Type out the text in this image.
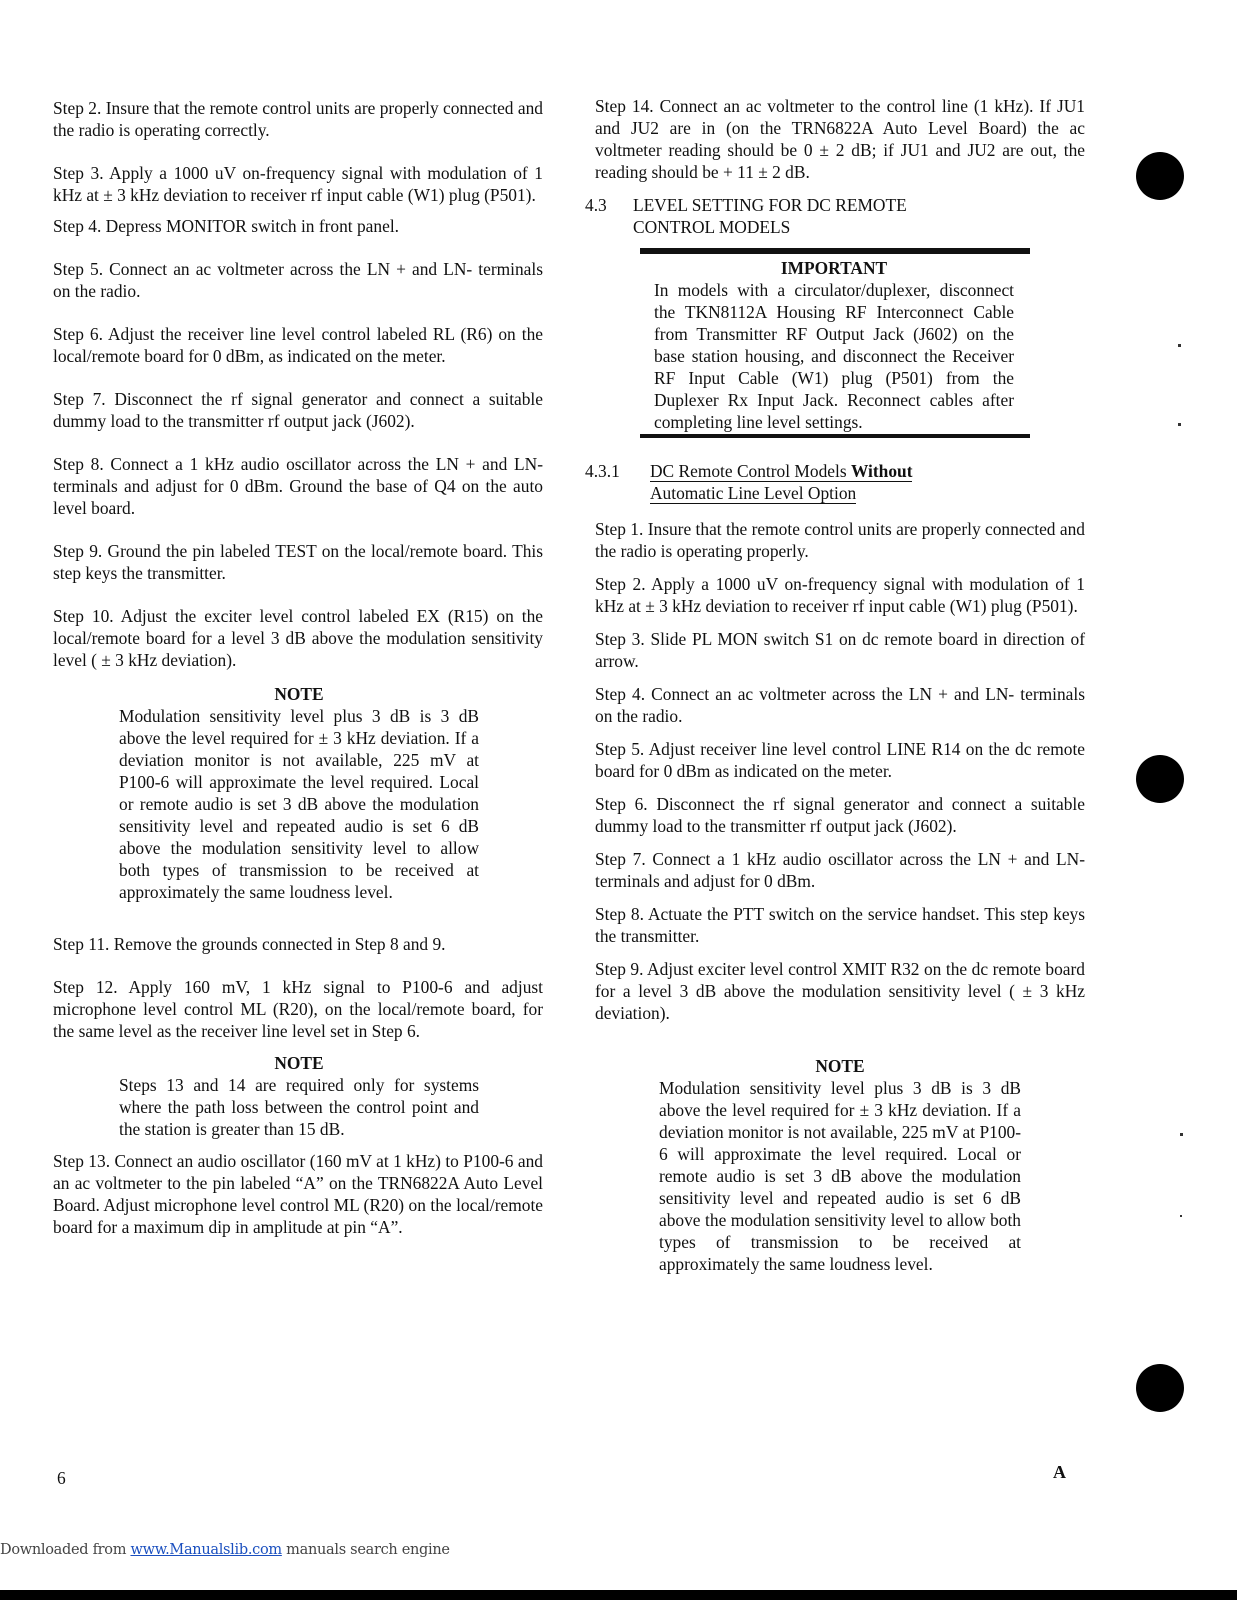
Step 2. Insure that the remote control units are properly connected and the radio is operating correctly.

Step 3. Apply a 1000 uV on-frequency signal with modulation of 1 kHz at ± 3 kHz deviation to receiver rf input cable (W1) plug (P501).

Step 4. Depress MONITOR switch in front panel.

Step 5. Connect an ac voltmeter across the LN + and LN- terminals on the radio.

Step 6. Adjust the receiver line level control labeled RL (R6) on the local/remote board for 0 dBm, as indicated on the meter.

Step 7. Disconnect the rf signal generator and connect a suitable dummy load to the transmitter rf output jack (J602).

Step 8. Connect a 1 kHz audio oscillator across the LN + and LN- terminals and adjust for 0 dBm. Ground the base of Q4 on the auto level board.

Step 9. Ground the pin labeled TEST on the local/remote board. This step keys the transmitter.

Step 10. Adjust the exciter level control labeled EX (R15) on the local/remote board for a level 3 dB above the modulation sensitivity level ( ± 3 kHz deviation).

NOTE

Modulation sensitivity level plus 3 dB is 3 dB above the level required for ± 3 kHz deviation. If a deviation monitor is not available, 225 mV at P100-6 will approximate the level required. Local or remote audio is set 3 dB above the modulation sensitivity level and repeated audio is set 6 dB above the modulation sensitivity level to allow both types of transmission to be received at approximately the same loudness level.

Step 11. Remove the grounds connected in Step 8 and 9.

Step 12. Apply 160 mV, 1 kHz signal to P100-6 and adjust microphone level control ML (R20), on the local/remote board, for the same level as the receiver line level set in Step 6.

NOTE

Steps 13 and 14 are required only for systems where the path loss between the control point and the station is greater than 15 dB.

Step 13. Connect an audio oscillator (160 mV at 1 kHz) to P100-6 and an ac voltmeter to the pin labeled “A” on the TRN6822A Auto Level Board. Adjust microphone level control ML (R20) on the local/remote board for a maximum dip in amplitude at pin “A”.

Step 14. Connect an ac voltmeter to the control line (1 kHz). If JU1 and JU2 are in (on the TRN6822A Auto Level Board) the ac voltmeter reading should be 0 ± 2 dB; if JU1 and JU2 are out, the reading should be + 11 ± 2 dB.

4.3	LEVEL SETTING FOR DC REMOTE
CONTROL MODELS

IMPORTANT

In models with a circulator/duplexer, disconnect the TKN8112A Housing RF Interconnect Cable from Transmitter RF Output Jack (J602) on the base station housing, and disconnect the Receiver RF Input Cable (W1) plug (P501) from the Duplexer Rx Input Jack. Reconnect cables after completing line level settings.

4.3.1	DC Remote Control Models Without
Automatic Line Level Option

Step 1. Insure that the remote control units are properly connected and the radio is operating properly.

Step 2. Apply a 1000 uV on-frequency signal with modulation of 1 kHz at ± 3 kHz deviation to receiver rf input cable (W1) plug (P501).

Step 3. Slide PL MON switch S1 on dc remote board in direction of arrow.

Step 4. Connect an ac voltmeter across the LN + and LN- terminals on the radio.

Step 5. Adjust receiver line level control LINE R14 on the dc remote board for 0 dBm as indicated on the meter.

Step 6. Disconnect the rf signal generator and connect a suitable dummy load to the transmitter rf output jack (J602).

Step 7. Connect a 1 kHz audio oscillator across the LN + and LN- terminals and adjust for 0 dBm.

Step 8. Actuate the PTT switch on the service handset. This step keys the transmitter.

Step 9. Adjust exciter level control XMIT R32 on the dc remote board for a level 3 dB above the modulation sensitivity level ( ± 3 kHz deviation).

NOTE

Modulation sensitivity level plus 3 dB is 3 dB above the level required for ± 3 kHz deviation. If a deviation monitor is not available, 225 mV at P100-6 will approximate the level required. Local or remote audio is set 3 dB above the modulation sensitivity level and repeated audio is set 6 dB above the modulation sensitivity level to allow both types of transmission to be received at approximately the same loudness level.

6	A
Downloaded from www.Manualslib.com manuals search engine
